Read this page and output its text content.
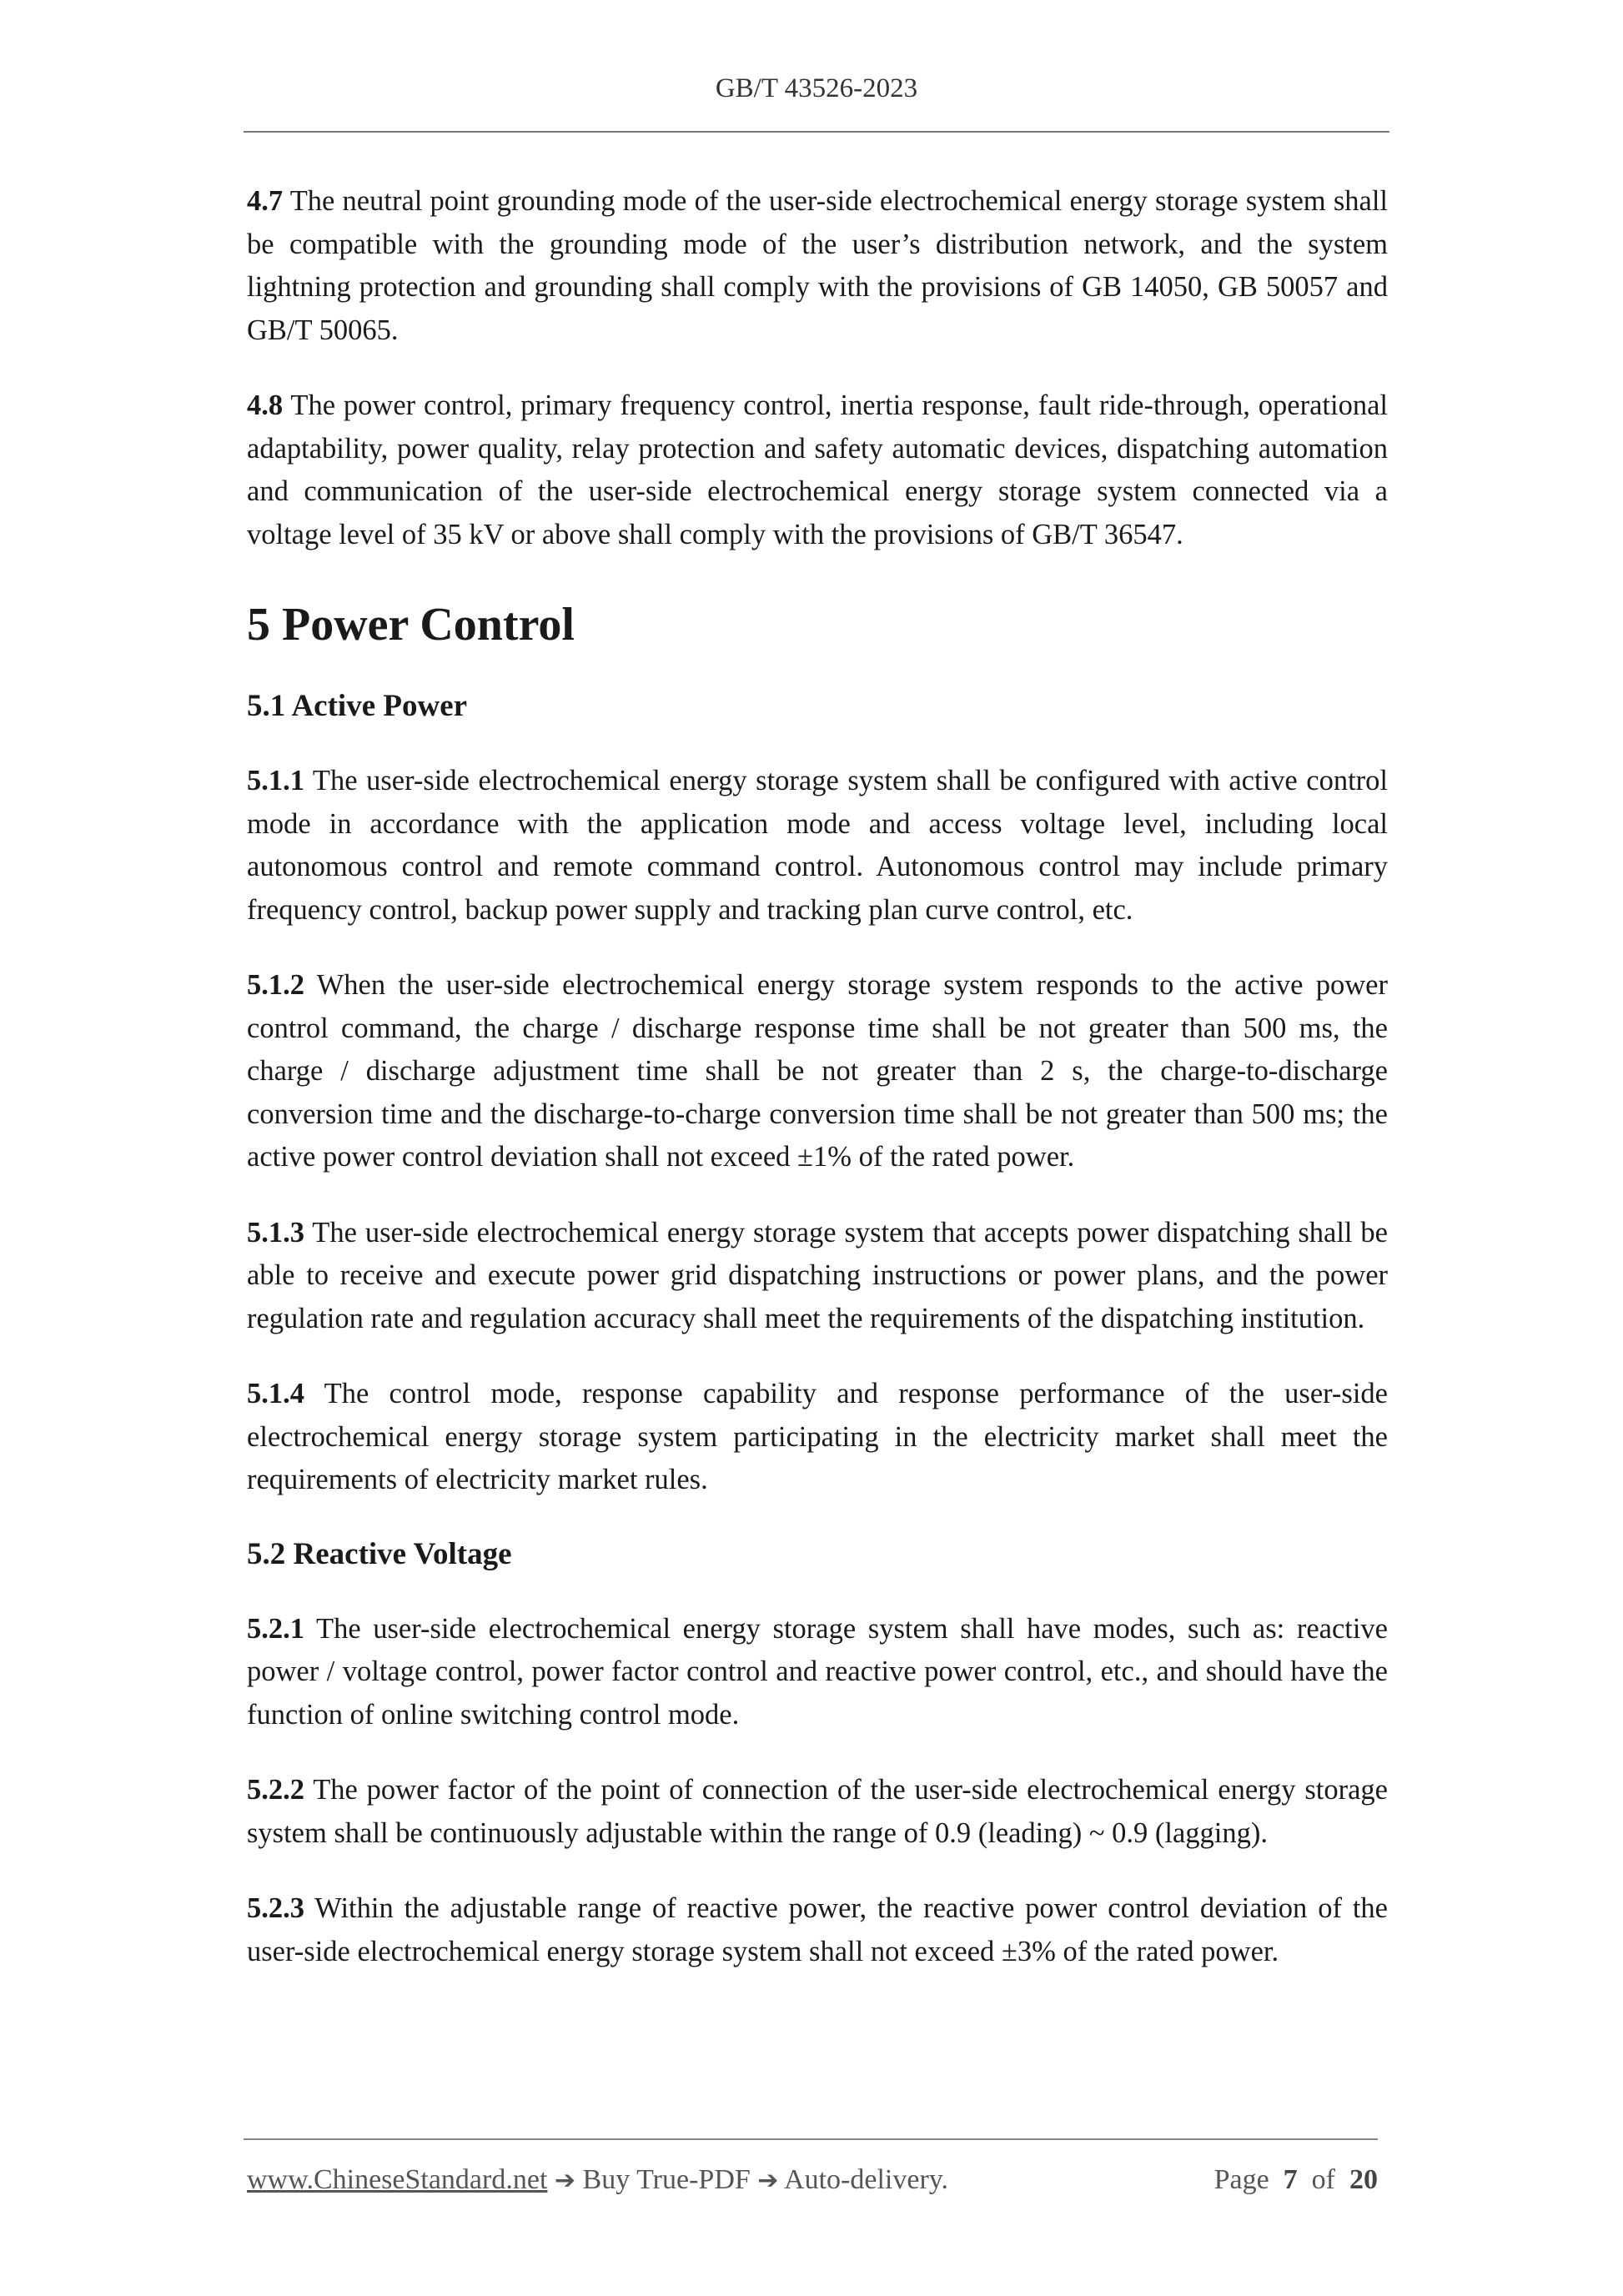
GB/T 43526-2023

4.7 The neutral point grounding mode of the user-side electrochemical energy storage system shall be compatible with the grounding mode of the user’s distribution network, and the system lightning protection and grounding shall comply with the provisions of GB 14050, GB 50057 and GB/T 50065.

4.8 The power control, primary frequency control, inertia response, fault ride-through, operational adaptability, power quality, relay protection and safety automatic devices, dispatching automation and communication of the user-side electrochemical energy storage system connected via a voltage level of 35 kV or above shall comply with the provisions of GB/T 36547.

5 Power Control
5.1 Active Power

5.1.1 The user-side electrochemical energy storage system shall be configured with active control mode in accordance with the application mode and access voltage level, including local autonomous control and remote command control. Autonomous control may include primary frequency control, backup power supply and tracking plan curve control, etc.

5.1.2 When the user-side electrochemical energy storage system responds to the active power control command, the charge / discharge response time shall be not greater than 500 ms, the charge / discharge adjustment time shall be not greater than 2 s, the charge-to-discharge conversion time and the discharge-to-charge conversion time shall be not greater than 500 ms; the active power control deviation shall not exceed ±1% of the rated power.

5.1.3 The user-side electrochemical energy storage system that accepts power dispatching shall be able to receive and execute power grid dispatching instructions or power plans, and the power regulation rate and regulation accuracy shall meet the requirements of the dispatching institution.

5.1.4 The control mode, response capability and response performance of the user-side electrochemical energy storage system participating in the electricity market shall meet the requirements of electricity market rules.

5.2 Reactive Voltage

5.2.1 The user-side electrochemical energy storage system shall have modes, such as: reactive power / voltage control, power factor control and reactive power control, etc., and should have the function of online switching control mode.

5.2.2 The power factor of the point of connection of the user-side electrochemical energy storage system shall be continuously adjustable within the range of 0.9 (leading) ~ 0.9 (lagging).

5.2.3 Within the adjustable range of reactive power, the reactive power control deviation of the user-side electrochemical energy storage system shall not exceed ±3% of the rated power.

www.ChineseStandard.net ➔ Buy True-PDF ➔ Auto-delivery.	Page 7 of 20
